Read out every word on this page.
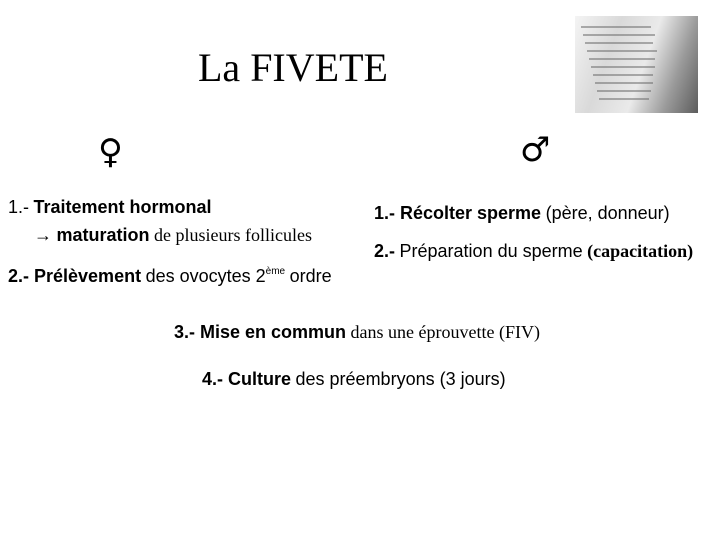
La FIVETE
♀	♂
1.- Traitement hormonal
→ maturation de plusieurs follicules
2.- Prélèvement des ovocytes 2ème ordre
1.- Récolter sperme (père, donneur)
2.- Préparation du sperme (capacitation)
3.- Mise en commun dans une éprouvette (FIV)
4.- Culture des préembryons (3 jours)
